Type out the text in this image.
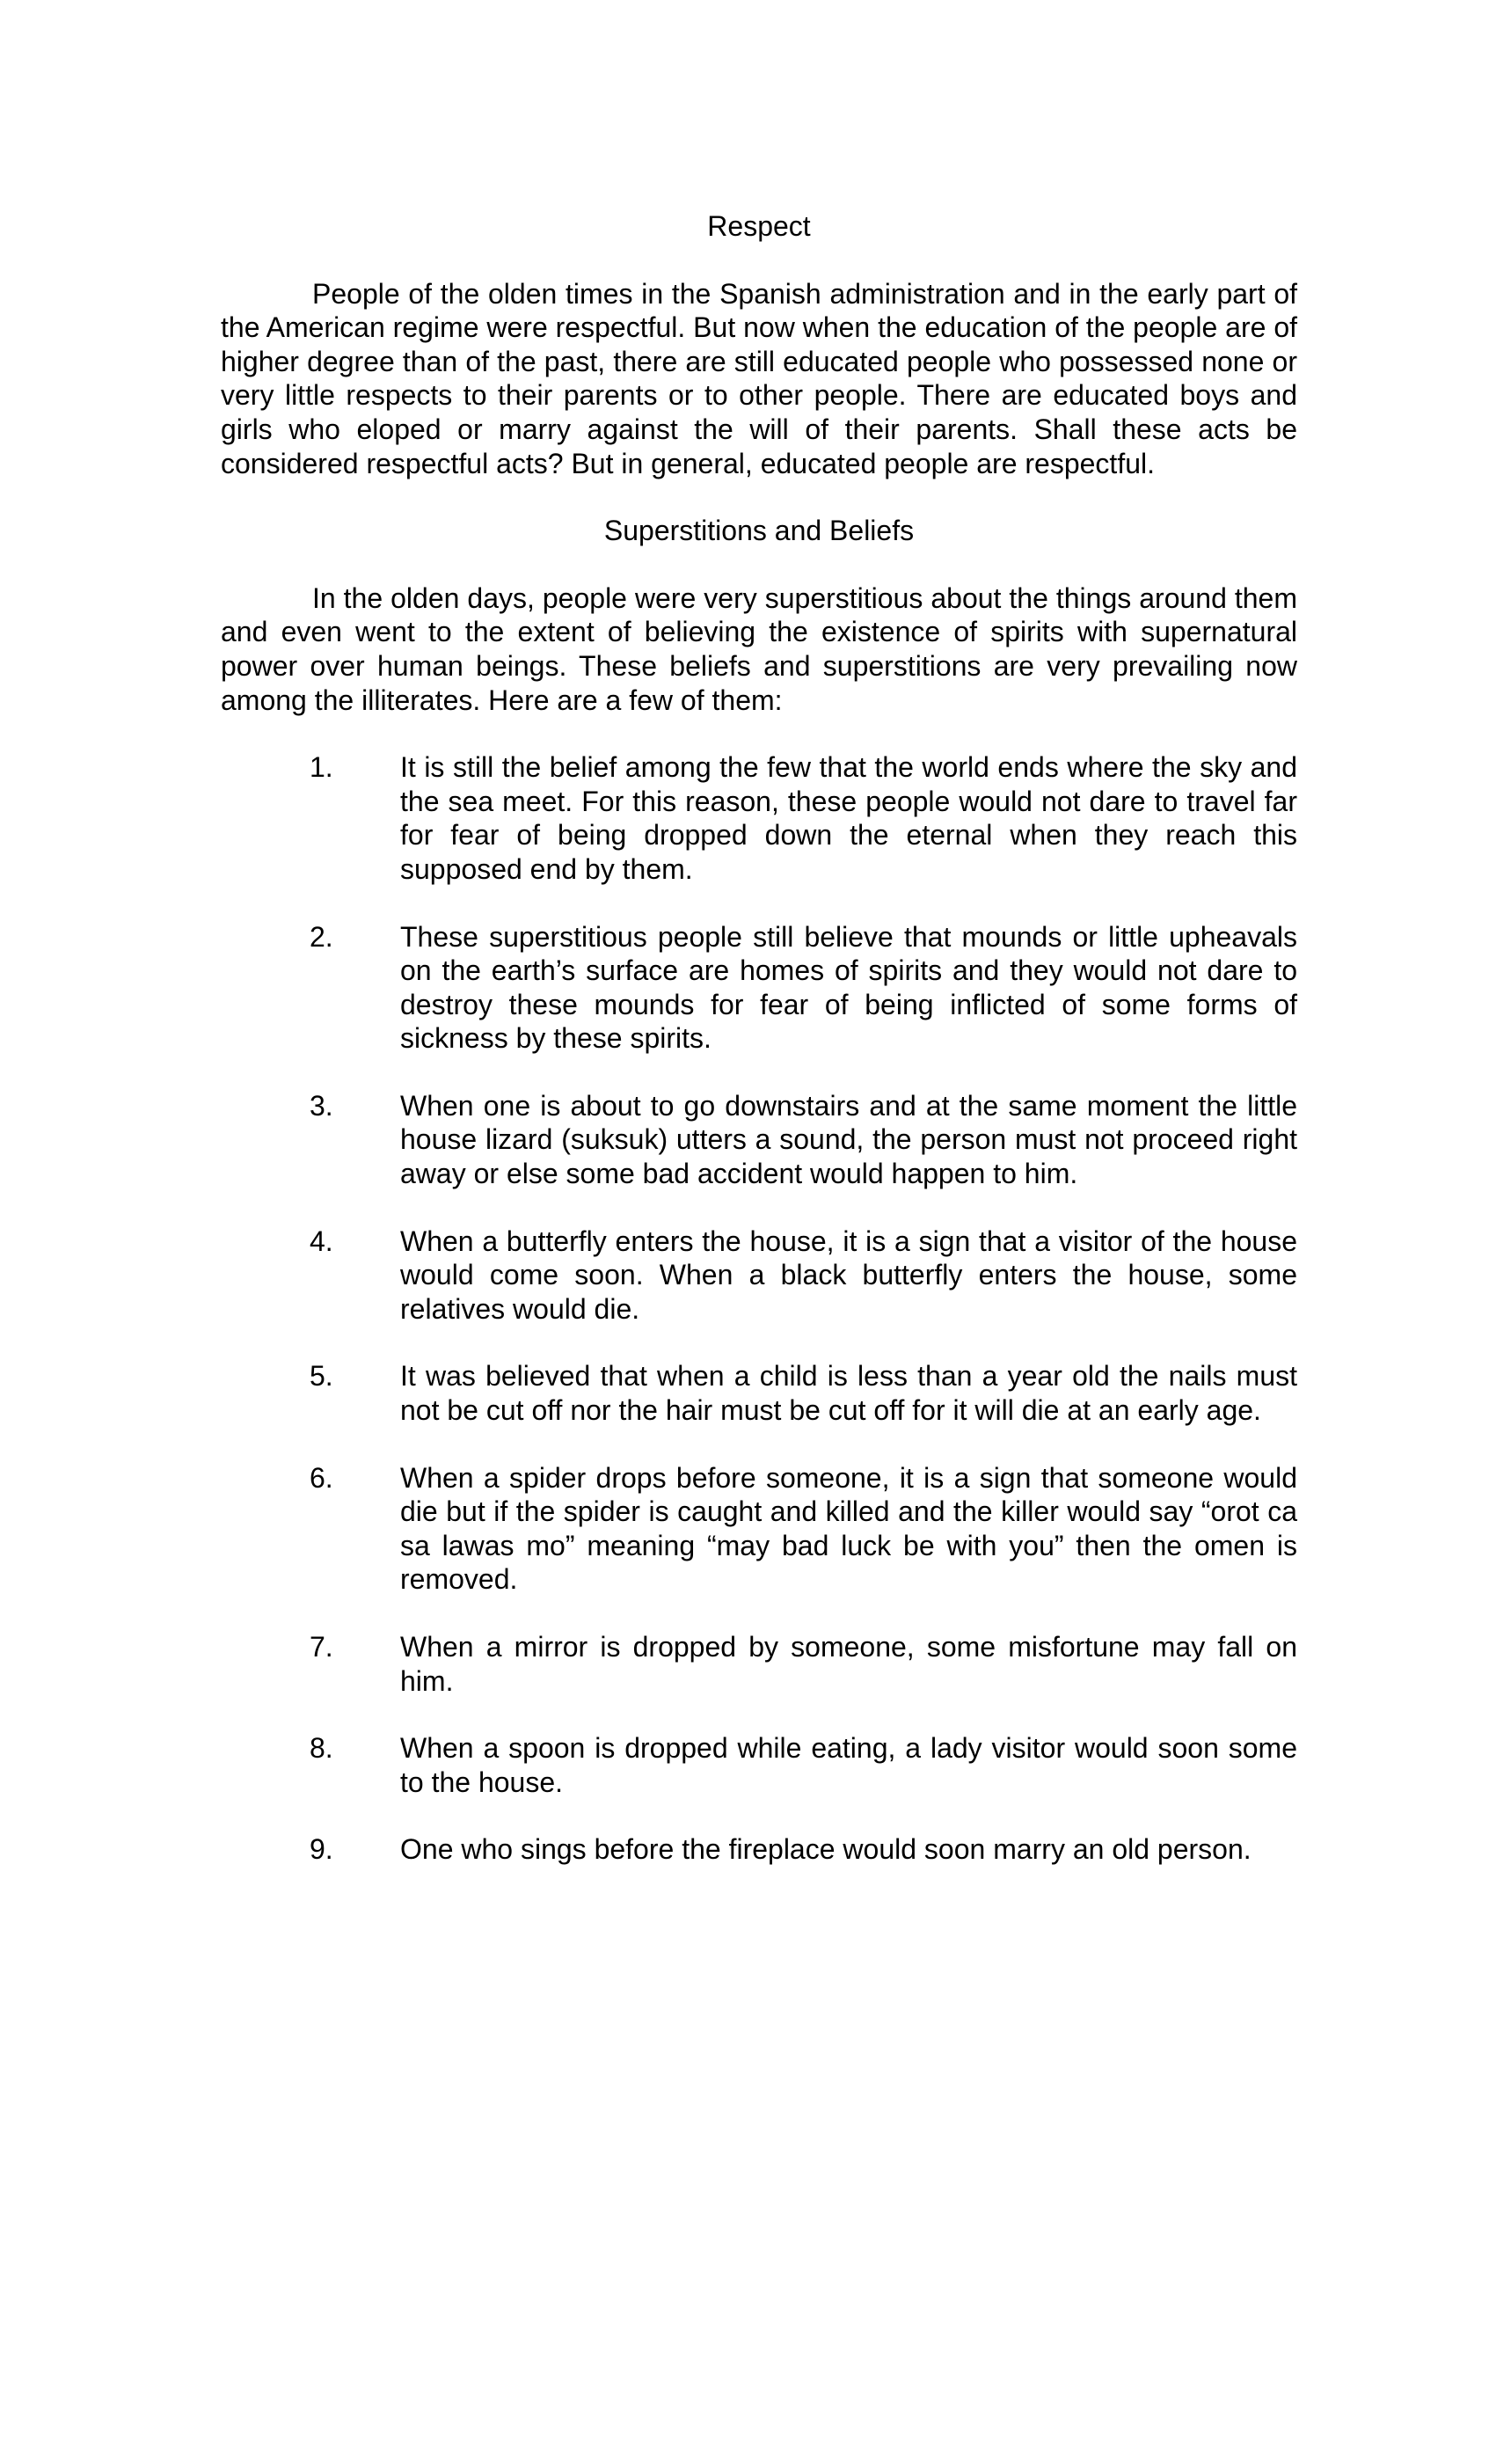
Respect

People of the olden times in the Spanish administration and in the early part of the American regime were respectful. But now when the education of the people are of higher degree than of the past, there are still educated people who possessed none or very little respects to their parents or to other people. There are educated boys and girls who eloped or marry against the will of their parents. Shall these acts be considered respectful acts? But in general, educated people are respectful.

Superstitions and Beliefs

In the olden days, people were very superstitious about the things around them and even went to the extent of believing the existence of spirits with supernatural power over human beings. These beliefs and superstitions are very prevailing now among the illiterates. Here are a few of them:

1. It is still the belief among the few that the world ends where the sky and the sea meet. For this reason, these people would not dare to travel far for fear of being dropped down the eternal when they reach this supposed end by them.
2. These superstitious people still believe that mounds or little upheavals on the earth’s surface are homes of spirits and they would not dare to destroy these mounds for fear of being inflicted of some forms of sickness by these spirits.
3. When one is about to go downstairs and at the same moment the little house lizard (suksuk) utters a sound, the person must not proceed right away or else some bad accident would happen to him.
4. When a butterfly enters the house, it is a sign that a visitor of the house would come soon. When a black butterfly enters the house, some relatives would die.
5. It was believed that when a child is less than a year old the nails must not be cut off nor the hair must be cut off for it will die at an early age.
6. When a spider drops before someone, it is a sign that someone would die but if the spider is caught and killed and the killer would say “orot ca sa lawas mo” meaning “may bad luck be with you” then the omen is removed.
7. When a mirror is dropped by someone, some misfortune may fall on him.
8. When a spoon is dropped while eating, a lady visitor would soon some to the house.
9. One who sings before the fireplace would soon marry an old person.
